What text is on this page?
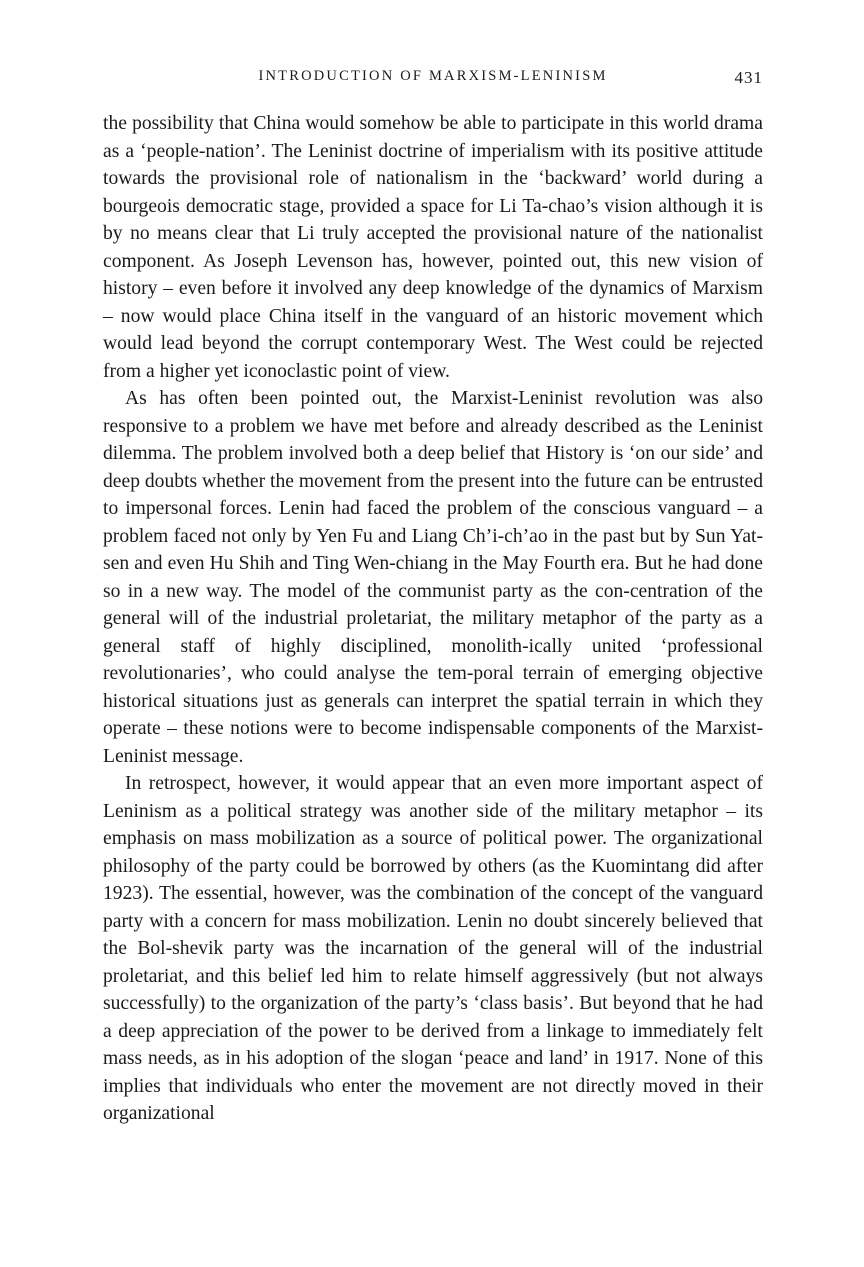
INTRODUCTION OF MARXISM-LENINISM	431

the possibility that China would somehow be able to participate in this world drama as a ‘people-nation’. The Leninist doctrine of imperialism with its positive attitude towards the provisional role of nationalism in the ‘backward’ world during a bourgeois democratic stage, provided a space for Li Ta-chao’s vision although it is by no means clear that Li truly accepted the provisional nature of the nationalist component. As Joseph Levenson has, however, pointed out, this new vision of history – even before it involved any deep knowledge of the dynamics of Marxism – now would place China itself in the vanguard of an historic movement which would lead beyond the corrupt contemporary West. The West could be rejected from a higher yet iconoclastic point of view.

As has often been pointed out, the Marxist-Leninist revolution was also responsive to a problem we have met before and already described as the Leninist dilemma. The problem involved both a deep belief that History is ‘on our side’ and deep doubts whether the movement from the present into the future can be entrusted to impersonal forces. Lenin had faced the problem of the conscious vanguard – a problem faced not only by Yen Fu and Liang Ch’i-ch’ao in the past but by Sun Yat-sen and even Hu Shih and Ting Wen-chiang in the May Fourth era. But he had done so in a new way. The model of the communist party as the con-centration of the general will of the industrial proletariat, the military metaphor of the party as a general staff of highly disciplined, monolith-ically united ‘professional revolutionaries’, who could analyse the tem-poral terrain of emerging objective historical situations just as generals can interpret the spatial terrain in which they operate – these notions were to become indispensable components of the Marxist-Leninist message.

In retrospect, however, it would appear that an even more important aspect of Leninism as a political strategy was another side of the military metaphor – its emphasis on mass mobilization as a source of political power. The organizational philosophy of the party could be borrowed by others (as the Kuomintang did after 1923). The essential, however, was the combination of the concept of the vanguard party with a concern for mass mobilization. Lenin no doubt sincerely believed that the Bol-shevik party was the incarnation of the general will of the industrial proletariat, and this belief led him to relate himself aggressively (but not always successfully) to the organization of the party’s ‘class basis’. But beyond that he had a deep appreciation of the power to be derived from a linkage to immediately felt mass needs, as in his adoption of the slogan ‘peace and land’ in 1917. None of this implies that individuals who enter the movement are not directly moved in their organizational
